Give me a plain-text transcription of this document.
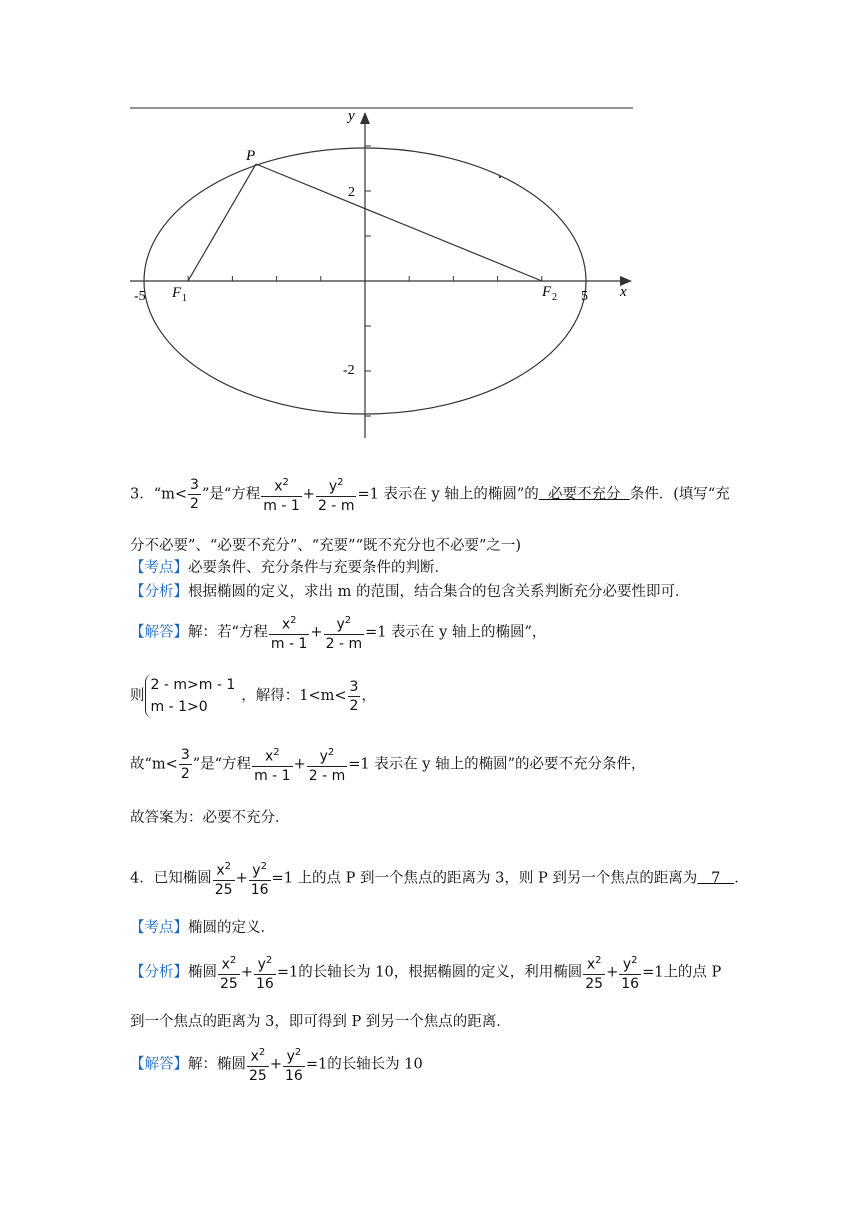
y
x
P
F 1	F 2
-5	5
2
-2
3．“$m< \frac{3}{2}$ ”是“方程 $\frac{x^2}{m - 1} + \frac{y^2}{2 - m} =1$ 表示在 y 轴上的椭圆”的  必要不充分  条件．(填写“充
分不必要”、“必要不充分”、“充要”“既不充分也不必要”之一)
【考点】必要条件、充分条件与充要条件的判断．
【分析】根据椭圆的定义，求出 m 的范围，结合集合的包含关系判断充分必要性即可．
【解答】解：若“方程 $\frac{x^2}{m - 1} + \frac{y^2}{2 - m} =1$ 表示在 y 轴上的椭圆”，
则
2 - m>m - 1
m - 1>0
，解得：$1<m< \frac{3}{2}$ ，
故“$m< \frac{3}{2}$ ”是“方程 $\frac{x^2}{m - 1} + \frac{y^2}{2 - m} =1$ 表示在 y 轴上的椭圆”的必要不充分条件，
故答案为：必要不充分．
4．已知椭圆 $\frac{x^2}{25} + \frac{y^2}{16} =1$ 上的点 P 到一个焦点的距离为 3，则 P 到另一个焦点的距离为   7   ．
【考点】椭圆的定义．
【分析】椭圆 $\frac{x^2}{25} + \frac{y^2}{16} =1$的长轴长为 10，根据椭圆的定义，利用椭圆 $\frac{x^2}{25} + \frac{y^2}{16} =1$上的点 P
到一个焦点的距离为 3，即可得到 P 到另一个焦点的距离．
【解答】解：椭圆 $\frac{x^2}{25} + \frac{y^2}{16} =1$的长轴长为 10
